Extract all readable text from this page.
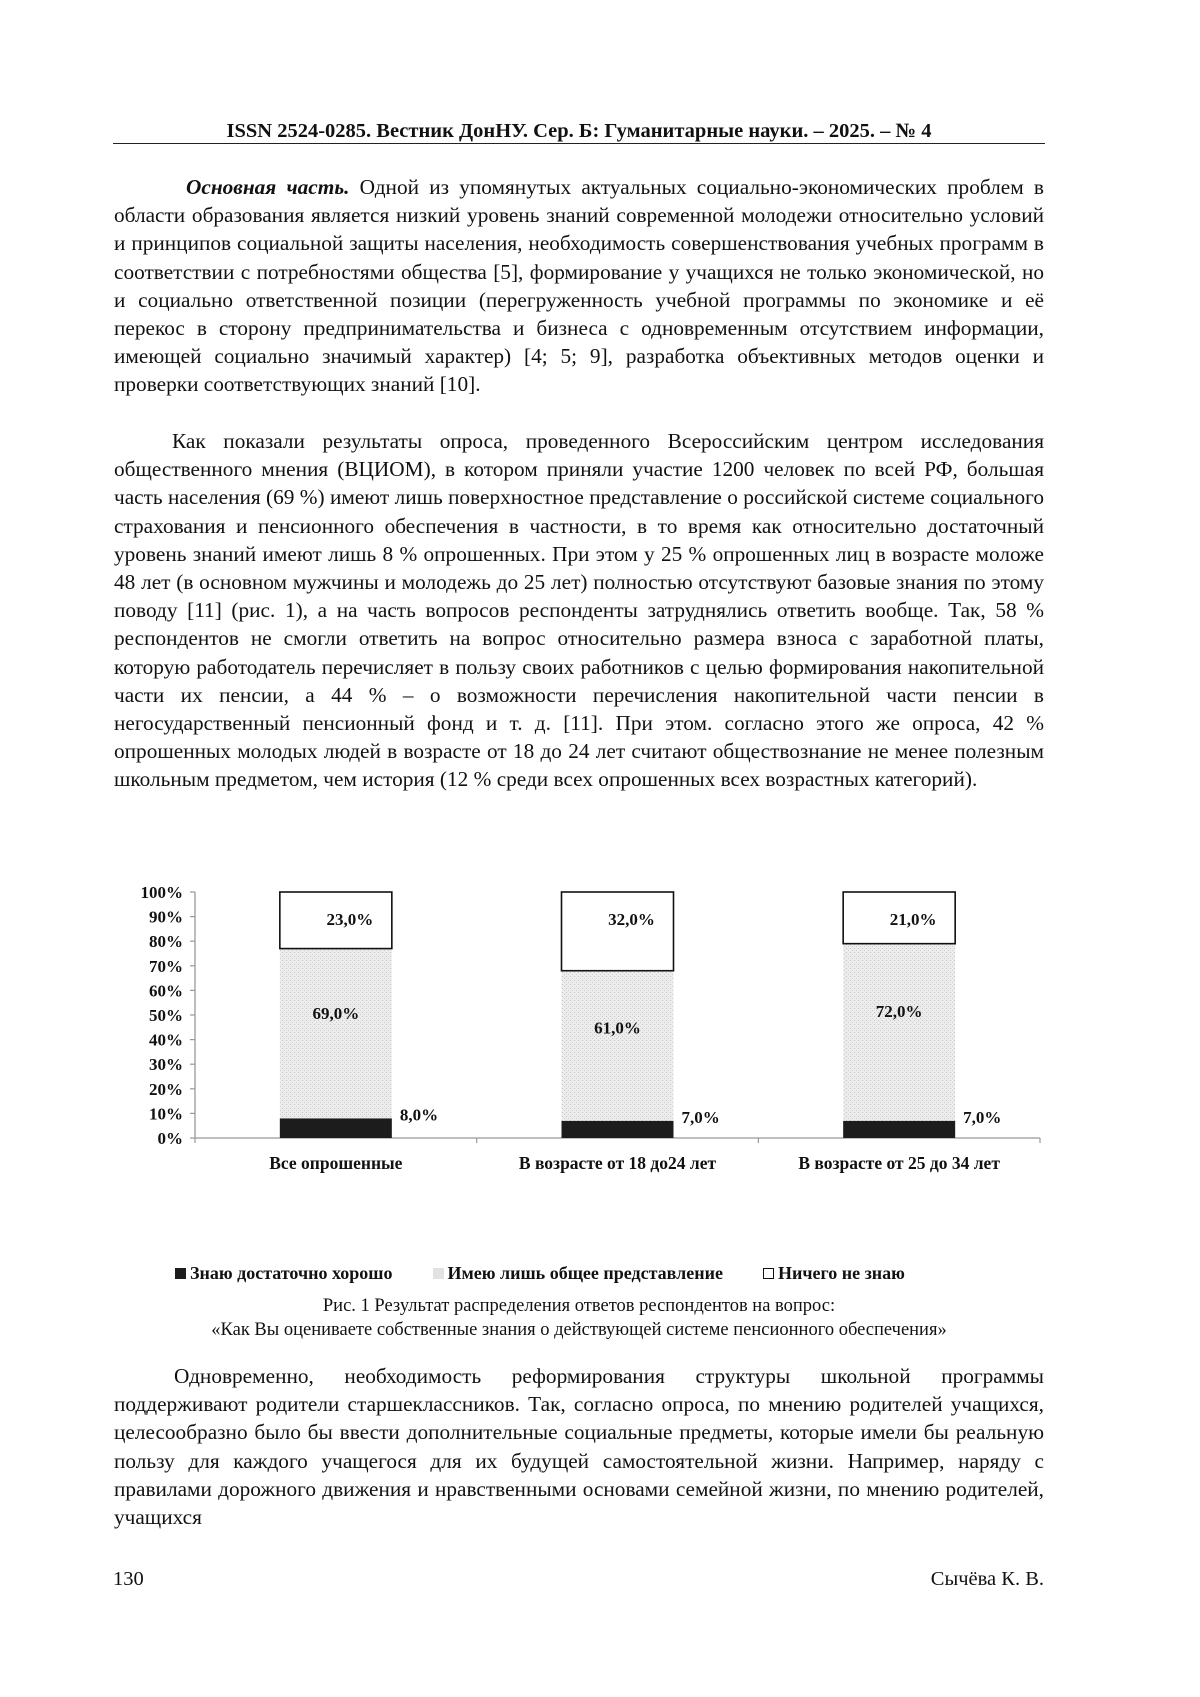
ISSN 2524-0285. Вестник ДонНУ. Сер. Б: Гуманитарные науки. – 2025. – № 4

Основная часть. Одной из упомянутых актуальных социально-экономических проблем в области образования является низкий уровень знаний современной молодежи относительно условий и принципов социальной защиты населения, необходимость совершенствования учебных программ в соответствии с потребностями общества [5], формирование у учащихся не только экономической, но и социально ответственной позиции (перегруженность учебной программы по экономике и её перекос в сторону предпринимательства и бизнеса с одновременным отсутствием информации, имеющей социально значимый характер) [4; 5; 9], разработка объективных методов оценки и проверки соответствующих знаний [10].

Как показали результаты опроса, проведенного Всероссийским центром исследования общественного мнения (ВЦИОМ), в котором приняли участие 1200 человек по всей РФ, большая часть населения (69 %) имеют лишь поверхностное представление о российской системе социального страхования и пенсионного обеспечения в частности, в то время как относительно достаточный уровень знаний имеют лишь 8 % опрошенных. При этом у 25 % опрошенных лиц в возрасте моложе 48 лет (в основном мужчины и молодежь до 25 лет) полностью отсутствуют базовые знания по этому поводу [11] (рис. 1), а на часть вопросов респонденты затруднялись ответить вообще. Так, 58 % респондентов не смогли ответить на вопрос относительно размера взноса с заработной платы, которую работодатель перечисляет в пользу своих работников с целью формирования накопительной части их пенсии, а 44 % – о возможности перечисления накопительной части пенсии в негосударственный пенсионный фонд и т. д. [11]. При этом. согласно этого же опроса, 42 % опрошенных молодых людей в возрасте от 18 до 24 лет считают обществознание не менее полезным школьным предметом, чем история (12 % среди всех опрошенных всех возрастных категорий).

0%
10%
20%
30%
40%
50%
60%
70%
80%
90%
100%
8,0%
69,0%
23,0%
Все опрошенные
7,0%
61,0%
32,0%
В возрасте от 18 до24 лет
7,0%
72,0%
21,0%
В возрасте от 25 до 34 лет
Знаю достаточно хорошо	Имею лишь общее представление	Ничего не знаю
Рис. 1 Результат распределения ответов респондентов на вопрос:
«Как Вы оцениваете собственные знания о действующей системе пенсионного обеспечения»

Одновременно, необходимость реформирования структуры школьной программы поддерживают родители старшеклассников. Так, согласно опроса, по мнению родителей учащихся, целесообразно было бы ввести дополнительные социальные предметы, которые имели бы реальную пользу для каждого учащегося для их будущей самостоятельной жизни. Например, наряду с правилами дорожного движения и нравственными основами семейной жизни, по мнению родителей, учащихся

130	Сычёва К. В.
